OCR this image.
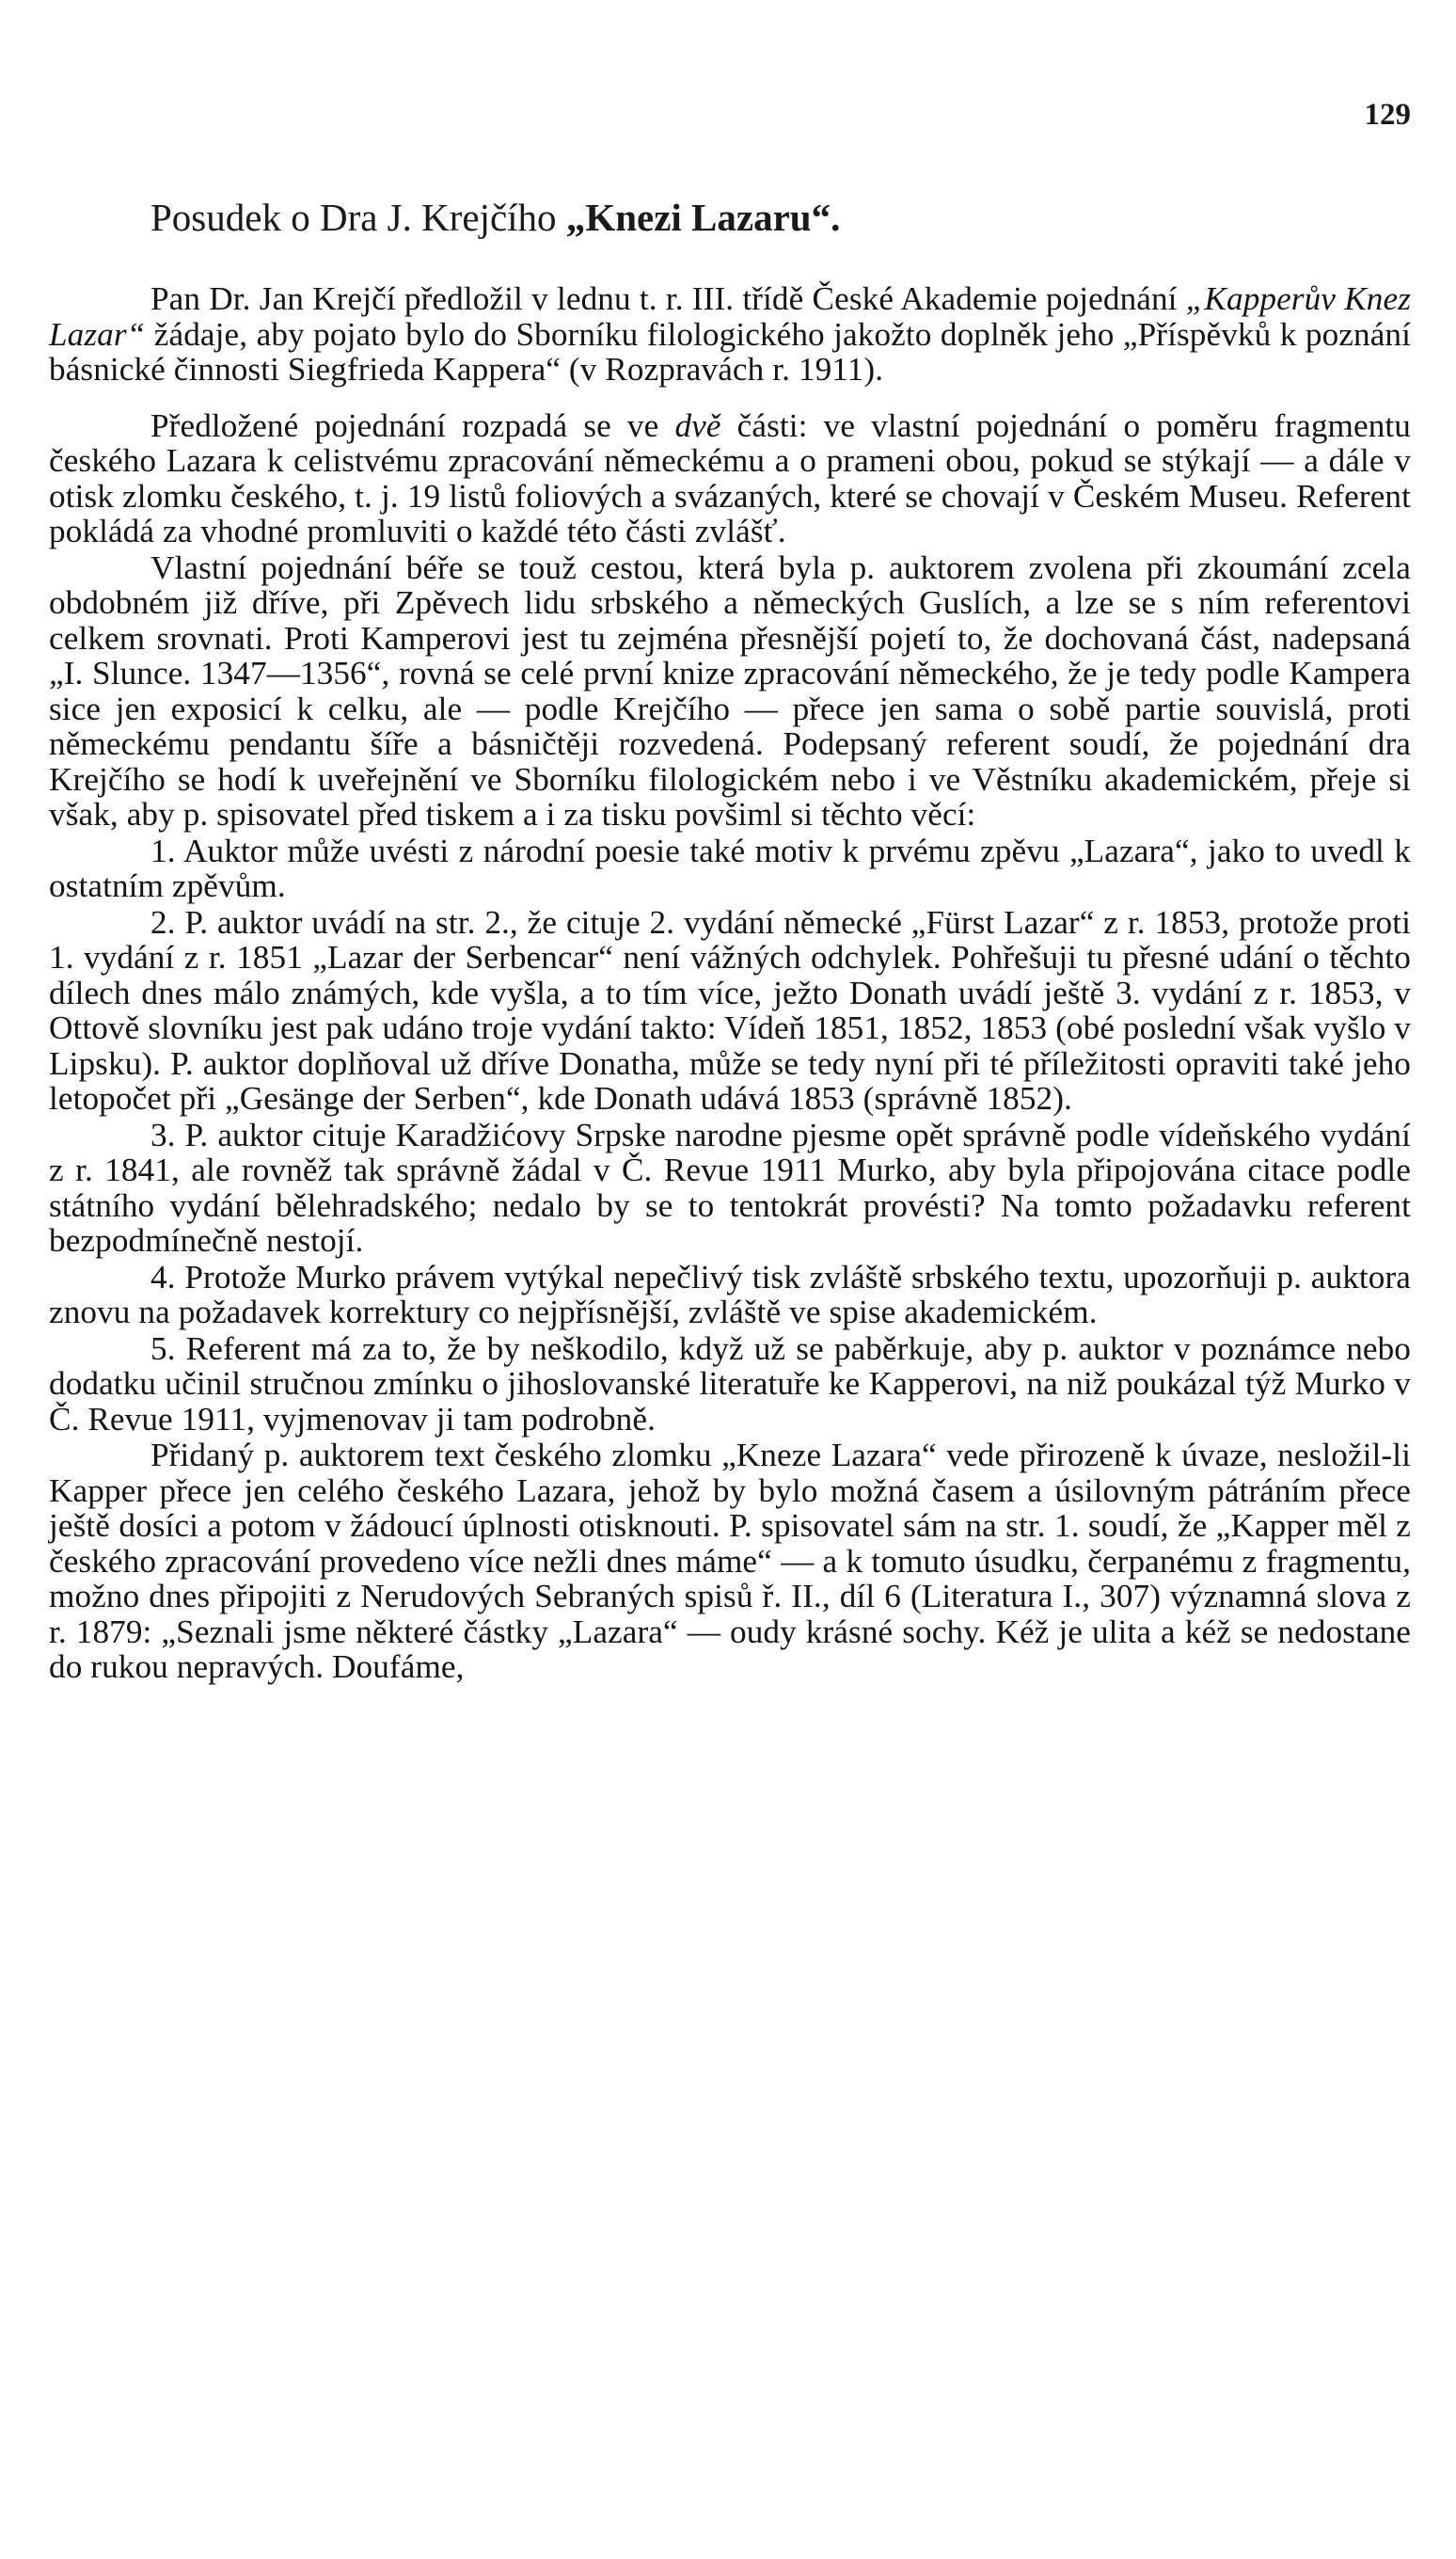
129
Posudek o Dra J. Krejčího „Knezi Lazaru“.

Pan Dr. Jan Krejčí předložil v lednu t. r. III. třídě České Akademie pojednání „Kapperův Knez Lazar“ žádaje, aby pojato bylo do Sborníku filologického jakožto doplněk jeho „Příspěvků k poznání básnické činnosti Siegfrieda Kappera“ (v Rozpravách r. 1911).

Předložené pojednání rozpadá se ve dvě části: ve vlastní pojednání o poměru fragmentu českého Lazara k celistvému zpracování německému a o prameni obou, pokud se stýkají — a dále v otisk zlomku českého, t. j. 19 listů foliových a svázaných, které se chovají v Českém Museu. Referent pokládá za vhodné promluviti o každé této části zvlášť.

Vlastní pojednání béře se touž cestou, která byla p. auktorem zvolena při zkoumání zcela obdobném již dříve, při Zpěvech lidu srbského a německých Guslích, a lze se s ním referentovi celkem srovnati. Proti Kamperovi jest tu zejména přesnější pojetí to, že dochovaná část, nadepsaná „I. Slunce. 1347—1356“, rovná se celé první knize zpracování německého, že je tedy podle Kampera sice jen exposicí k celku, ale — podle Krejčího — přece jen sama o sobě partie souvislá, proti německému pendantu šíře a básničtěji rozvedená. Podepsaný referent soudí, že pojednání dra Krejčího se hodí k uveřejnění ve Sborníku filologickém nebo i ve Věstníku akademickém, přeje si však, aby p. spisovatel před tiskem a i za tisku povšiml si těchto věcí:

1. Auktor může uvésti z národní poesie také motiv k prvému zpěvu „Lazara“, jako to uvedl k ostatním zpěvům.

2. P. auktor uvádí na str. 2., že cituje 2. vydání německé „Fürst Lazar“ z r. 1853, protože proti 1. vydání z r. 1851 „Lazar der Serbencar“ není vážných odchylek. Pohřešuji tu přesné udání o těchto dílech dnes málo známých, kde vyšla, a to tím více, ježto Donath uvádí ještě 3. vydání z r. 1853, v Ottově slovníku jest pak udáno troje vydání takto: Vídeň 1851, 1852, 1853 (obé poslední však vyšlo v Lipsku). P. auktor doplňoval už dříve Donatha, může se tedy nyní při té příležitosti opraviti také jeho letopočet při „Gesänge der Serben“, kde Donath udává 1853 (správně 1852).

3. P. auktor cituje Karadžićovy Srpske narodne pjesme opět správně podle vídeňského vydání z r. 1841, ale rovněž tak správně žádal v Č. Revue 1911 Murko, aby byla připojována citace podle státního vydání bělehradského; nedalo by se to tentokrát provésti? Na tomto požadavku referent bezpodmínečně nestojí.

4. Protože Murko právem vytýkal nepečlivý tisk zvláště srbského textu, upozorňuji p. auktora znovu na požadavek korrektury co nejpřísnější, zvláště ve spise akademickém.

5. Referent má za to, že by neškodilo, když už se paběrkuje, aby p. auktor v poznámce nebo dodatku učinil stručnou zmínku o jihoslovanské literatuře ke Kapperovi, na niž poukázal týž Murko v Č. Revue 1911, vyjmenovav ji tam podrobně.

Přidaný p. auktorem text českého zlomku „Kneze Lazara“ vede přirozeně k úvaze, nesložil-li Kapper přece jen celého českého Lazara, jehož by bylo možná časem a úsilovným pátráním přece ještě dosíci a potom v žádoucí úplnosti otisknouti. P. spisovatel sám na str. 1. soudí, že „Kapper měl z českého zpracování provedeno více nežli dnes máme“ — a k tomuto úsudku, čerpanému z fragmentu, možno dnes připojiti z Nerudových Sebraných spisů ř. II., díl 6 (Literatura I., 307) významná slova z r. 1879: „Seznali jsme některé částky „Lazara“ — oudy krásné sochy. Kéž je ulita a kéž se nedostane do rukou nepravých. Doufáme,
